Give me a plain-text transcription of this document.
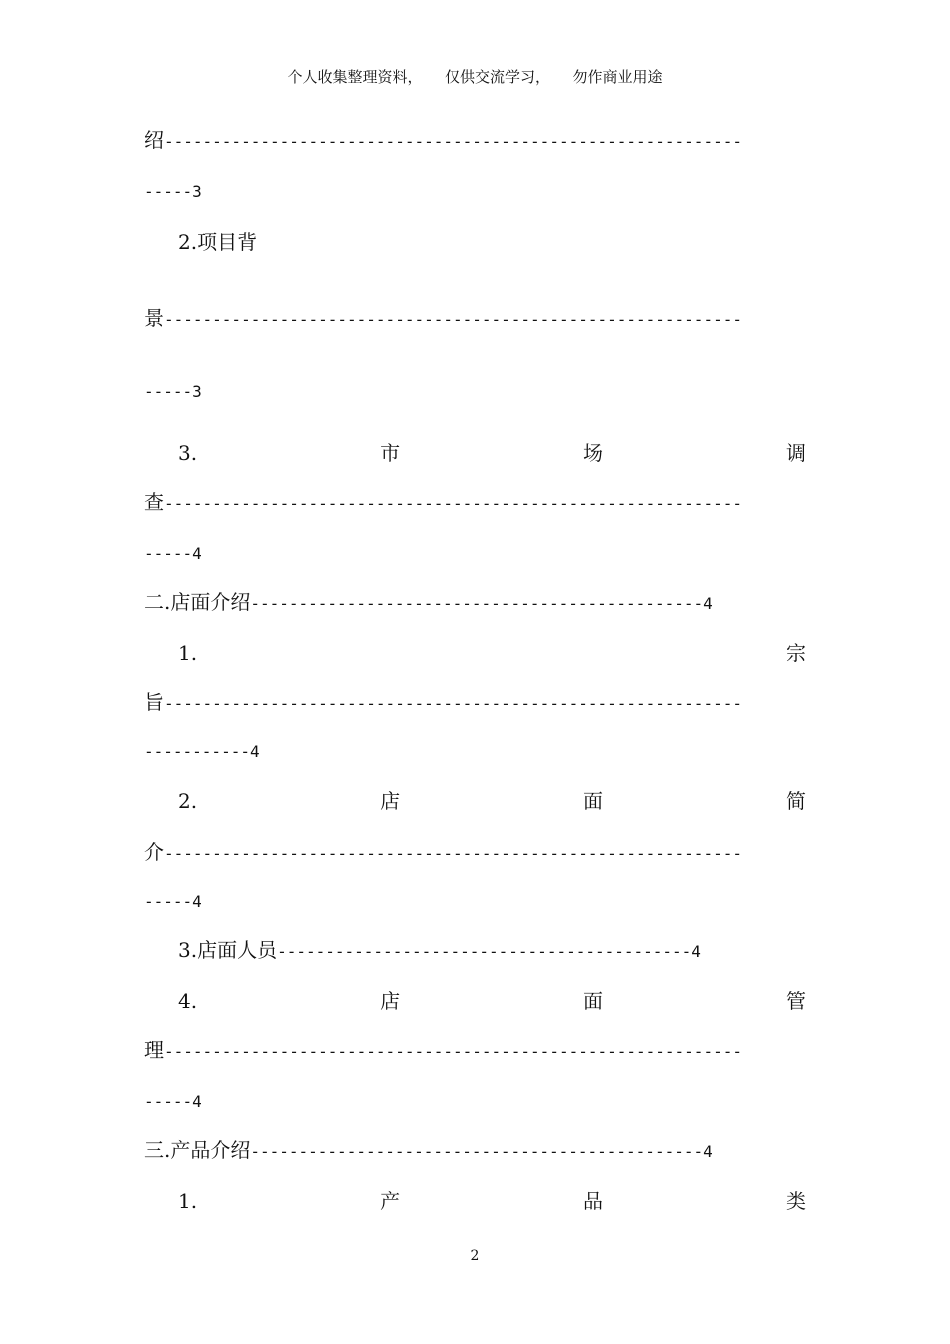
个人收集整理资料，　　仅供交流学习，　　勿作商业用途
绍------------------------------------------------------------
-----3
2.项目背
景------------------------------------------------------------
-----3
3.	市	场	调
查------------------------------------------------------------
-----4
二.店面介绍-----------------------------------------------4
1.	宗
旨------------------------------------------------------------
-----------4
2.	店	面	简
介------------------------------------------------------------
-----4
3.店面人员-------------------------------------------4
4.	店	面	管
理------------------------------------------------------------
-----4
三.产品介绍-----------------------------------------------4
1.	产	品	类
2
